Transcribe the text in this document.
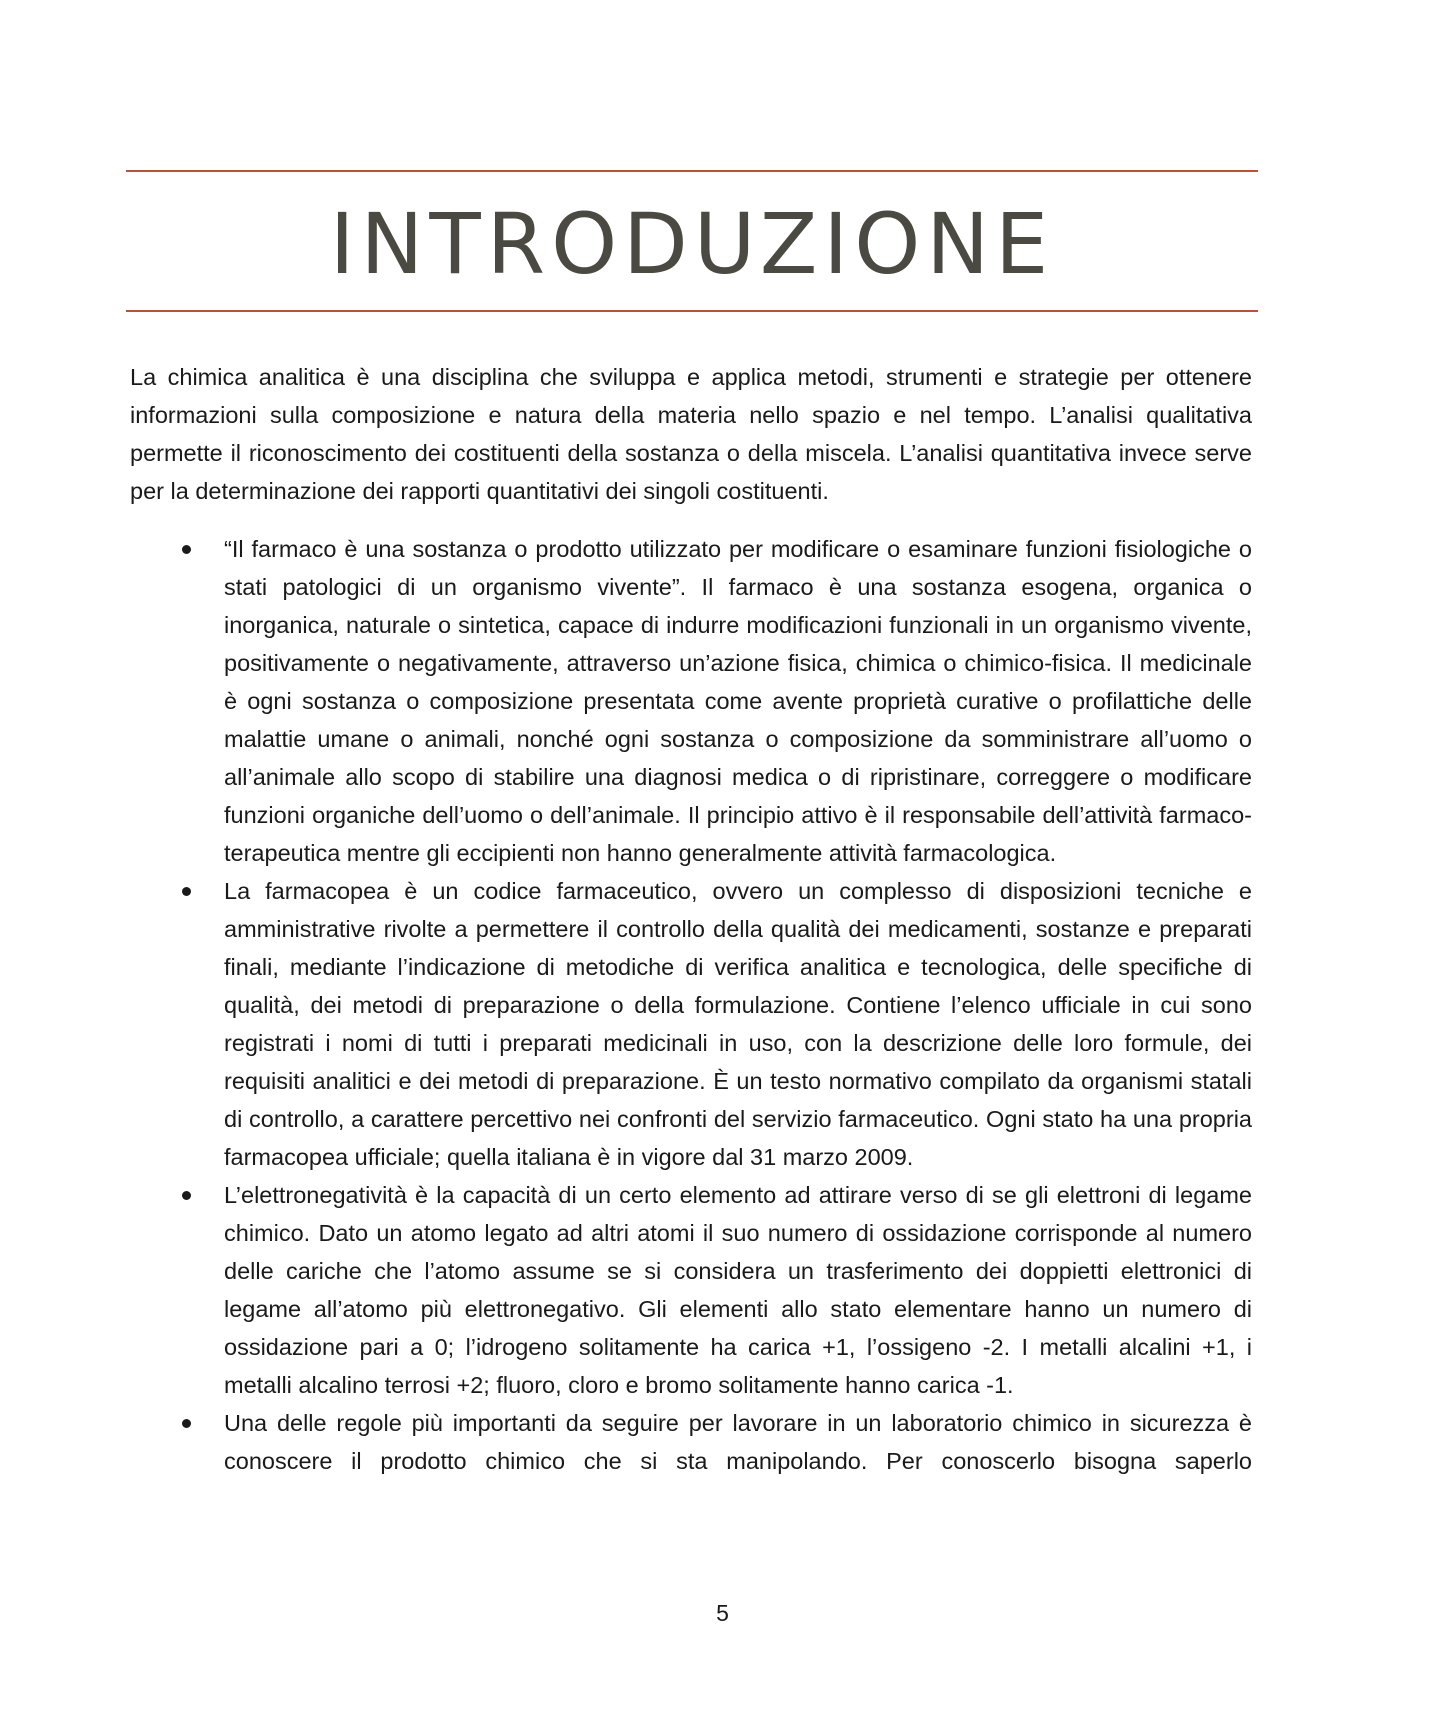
INTRODUZIONE

La chimica analitica è una disciplina che sviluppa e applica metodi, strumenti e strategie per ottenere informazioni sulla composizione e natura della materia nello spazio e nel tempo. L’analisi qualitativa permette il riconoscimento dei costituenti della sostanza o della miscela. L’analisi quantitativa invece serve per la determinazione dei rapporti quantitativi dei singoli costituenti.

“Il farmaco è una sostanza o prodotto utilizzato per modificare o esaminare funzioni fisiologiche o stati patologici di un organismo vivente”. Il farmaco è una sostanza esogena, organica o inorganica, naturale o sintetica, capace di indurre modificazioni funzionali in un organismo vivente, positivamente o negativamente, attraverso un’azione fisica, chimica o chimico-fisica. Il medicinale è ogni sostanza o composizione presentata come avente proprietà curative o profilattiche delle malattie umane o animali, nonché ogni sostanza o composizione da somministrare all’uomo o all’animale allo scopo di stabilire una diagnosi medica o di ripristinare, correggere o modificare funzioni organiche dell’uomo o dell’animale. Il principio attivo è il responsabile dell’attività farmaco-terapeutica mentre gli eccipienti non hanno generalmente attività farmacologica.
La farmacopea è un codice farmaceutico, ovvero un complesso di disposizioni tecniche e amministrative rivolte a permettere il controllo della qualità dei medicamenti, sostanze e preparati finali, mediante l’indicazione di metodiche di verifica analitica e tecnologica, delle specifiche di qualità, dei metodi di preparazione o della formulazione. Contiene l’elenco ufficiale in cui sono registrati i nomi di tutti i preparati medicinali in uso, con la descrizione delle loro formule, dei requisiti analitici e dei metodi di preparazione. È un testo normativo compilato da organismi statali di controllo, a carattere percettivo nei confronti del servizio farmaceutico. Ogni stato ha una propria farmacopea ufficiale; quella italiana è in vigore dal 31 marzo 2009.
L’elettronegatività è la capacità di un certo elemento ad attirare verso di se gli elettroni di legame chimico. Dato un atomo legato ad altri atomi il suo numero di ossidazione corrisponde al numero delle cariche che l’atomo assume se si considera un trasferimento dei doppietti elettronici di legame all’atomo più elettronegativo. Gli elementi allo stato elementare hanno un numero di ossidazione pari a 0; l’idrogeno solitamente ha carica +1, l’ossigeno -2. I metalli alcalini +1, i metalli alcalino terrosi +2; fluoro, cloro e bromo solitamente hanno carica -1.
Una delle regole più importanti da seguire per lavorare in un laboratorio chimico in sicurezza è conoscere il prodotto chimico che si sta manipolando. Per conoscerlo bisogna saperlo
5
